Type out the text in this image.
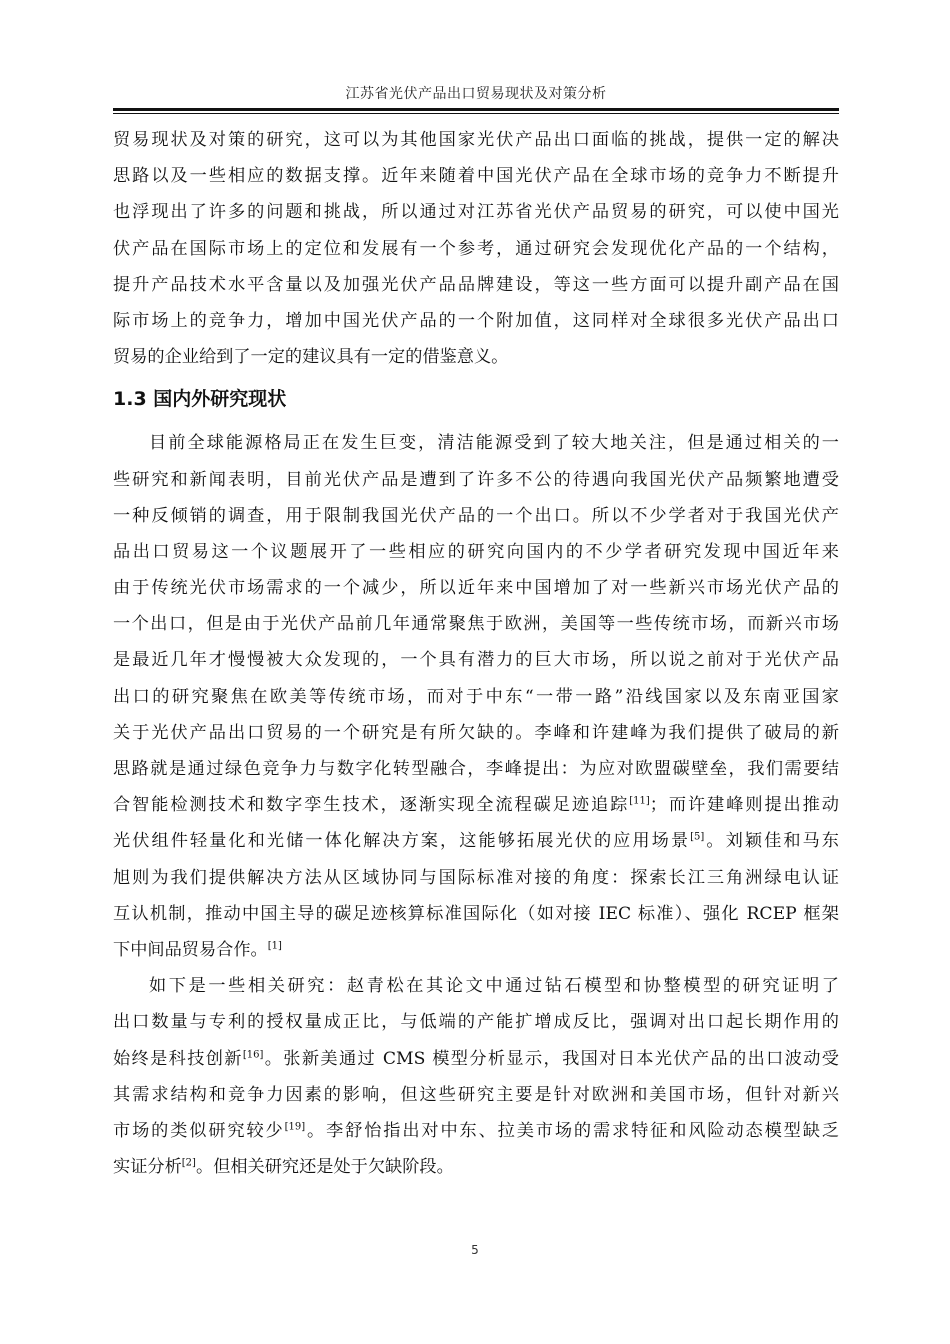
江苏省光伏产品出口贸易现状及对策分析
贸易现状及对策的研究，这可以为其他国家光伏产品出口面临的挑战，提供一定的解决
思路以及一些相应的数据支撑。近年来随着中国光伏产品在全球市场的竞争力不断提升
也浮现出了许多的问题和挑战，所以通过对江苏省光伏产品贸易的研究，可以使中国光
伏产品在国际市场上的定位和发展有一个参考，通过研究会发现优化产品的一个结构，
提升产品技术水平含量以及加强光伏产品品牌建设，等这一些方面可以提升副产品在国
际市场上的竞争力，增加中国光伏产品的一个附加值，这同样对全球很多光伏产品出口
贸易的企业给到了一定的建议具有一定的借鉴意义。
1.3 国内外研究现状
目前全球能源格局正在发生巨变，清洁能源受到了较大地关注，但是通过相关的一
些研究和新闻表明，目前光伏产品是遭到了许多不公的待遇向我国光伏产品频繁地遭受
一种反倾销的调查，用于限制我国光伏产品的一个出口。所以不少学者对于我国光伏产
品出口贸易这一个议题展开了一些相应的研究向国内的不少学者研究发现中国近年来
由于传统光伏市场需求的一个减少，所以近年来中国增加了对一些新兴市场光伏产品的
一个出口，但是由于光伏产品前几年通常聚焦于欧洲，美国等一些传统市场，而新兴市场
是最近几年才慢慢被大众发现的，一个具有潜力的巨大市场，所以说之前对于光伏产品
出口的研究聚焦在欧美等传统市场，而对于中东“一带一路”沿线国家以及东南亚国家
关于光伏产品出口贸易的一个研究是有所欠缺的。李峰和许建峰为我们提供了破局的新
思路就是通过绿色竞争力与数字化转型融合，李峰提出：为应对欧盟碳壁垒，我们需要结
合智能检测技术和数字孪生技术，逐渐实现全流程碳足迹追踪[11]；而许建峰则提出推动
光伏组件轻量化和光储一体化解决方案，这能够拓展光伏的应用场景[5]。刘颖佳和马东
旭则为我们提供解决方法从区域协同与国际标准对接的角度：探索长江三角洲绿电认证
互认机制，推动中国主导的碳足迹核算标准国际化（如对接 IEC 标准）、强化 RCEP 框架
下中间品贸易合作。[1]
如下是一些相关研究：赵青松在其论文中通过钻石模型和协整模型的研究证明了
出口数量与专利的授权量成正比，与低端的产能扩增成反比，强调对出口起长期作用的
始终是科技创新[16]。张新美通过 CMS 模型分析显示，我国对日本光伏产品的出口波动受
其需求结构和竞争力因素的影响，但这些研究主要是针对欧洲和美国市场，但针对新兴
市场的类似研究较少[19]。李舒怡指出对中东、拉美市场的需求特征和风险动态模型缺乏
实证分析[2]。但相关研究还是处于欠缺阶段。
5
